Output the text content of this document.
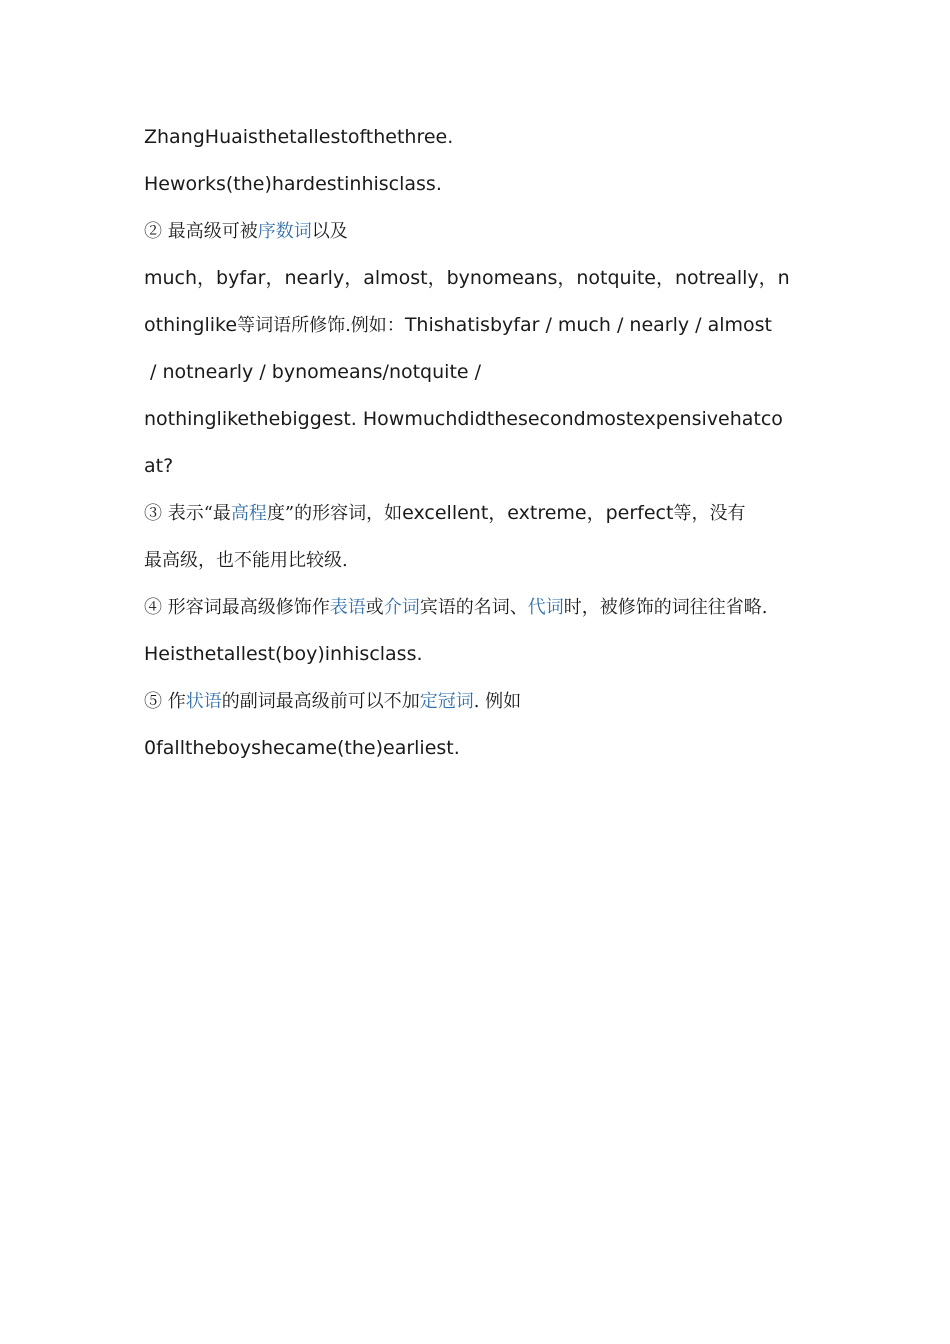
ZhangHuaisthetallestofthethree.
Heworks(the)hardestinhisclass.
② 最高级可被序数词以及
much，byfar，nearly，almost，bynomeans，notquite，notreally，n
othinglike等词语所修饰.例如：Thishatisbyfar / much / nearly / almost
/ notnearly / bynomeans/notquite /
nothinglikethebiggest. Howmuchdidthesecondmostexpensivehatco
at?
③ 表示“最高程度”的形容词，如excellent，extreme，perfect等，没有
最高级，也不能用比较级.
④ 形容词最高级修饰作表语或介词宾语的名词、代词时，被修饰的词往往省略.
Heisthetallest(boy)inhisclass.
⑤ 作状语的副词最高级前可以不加定冠词. 例如
0falltheboyshecame(the)earliest.
